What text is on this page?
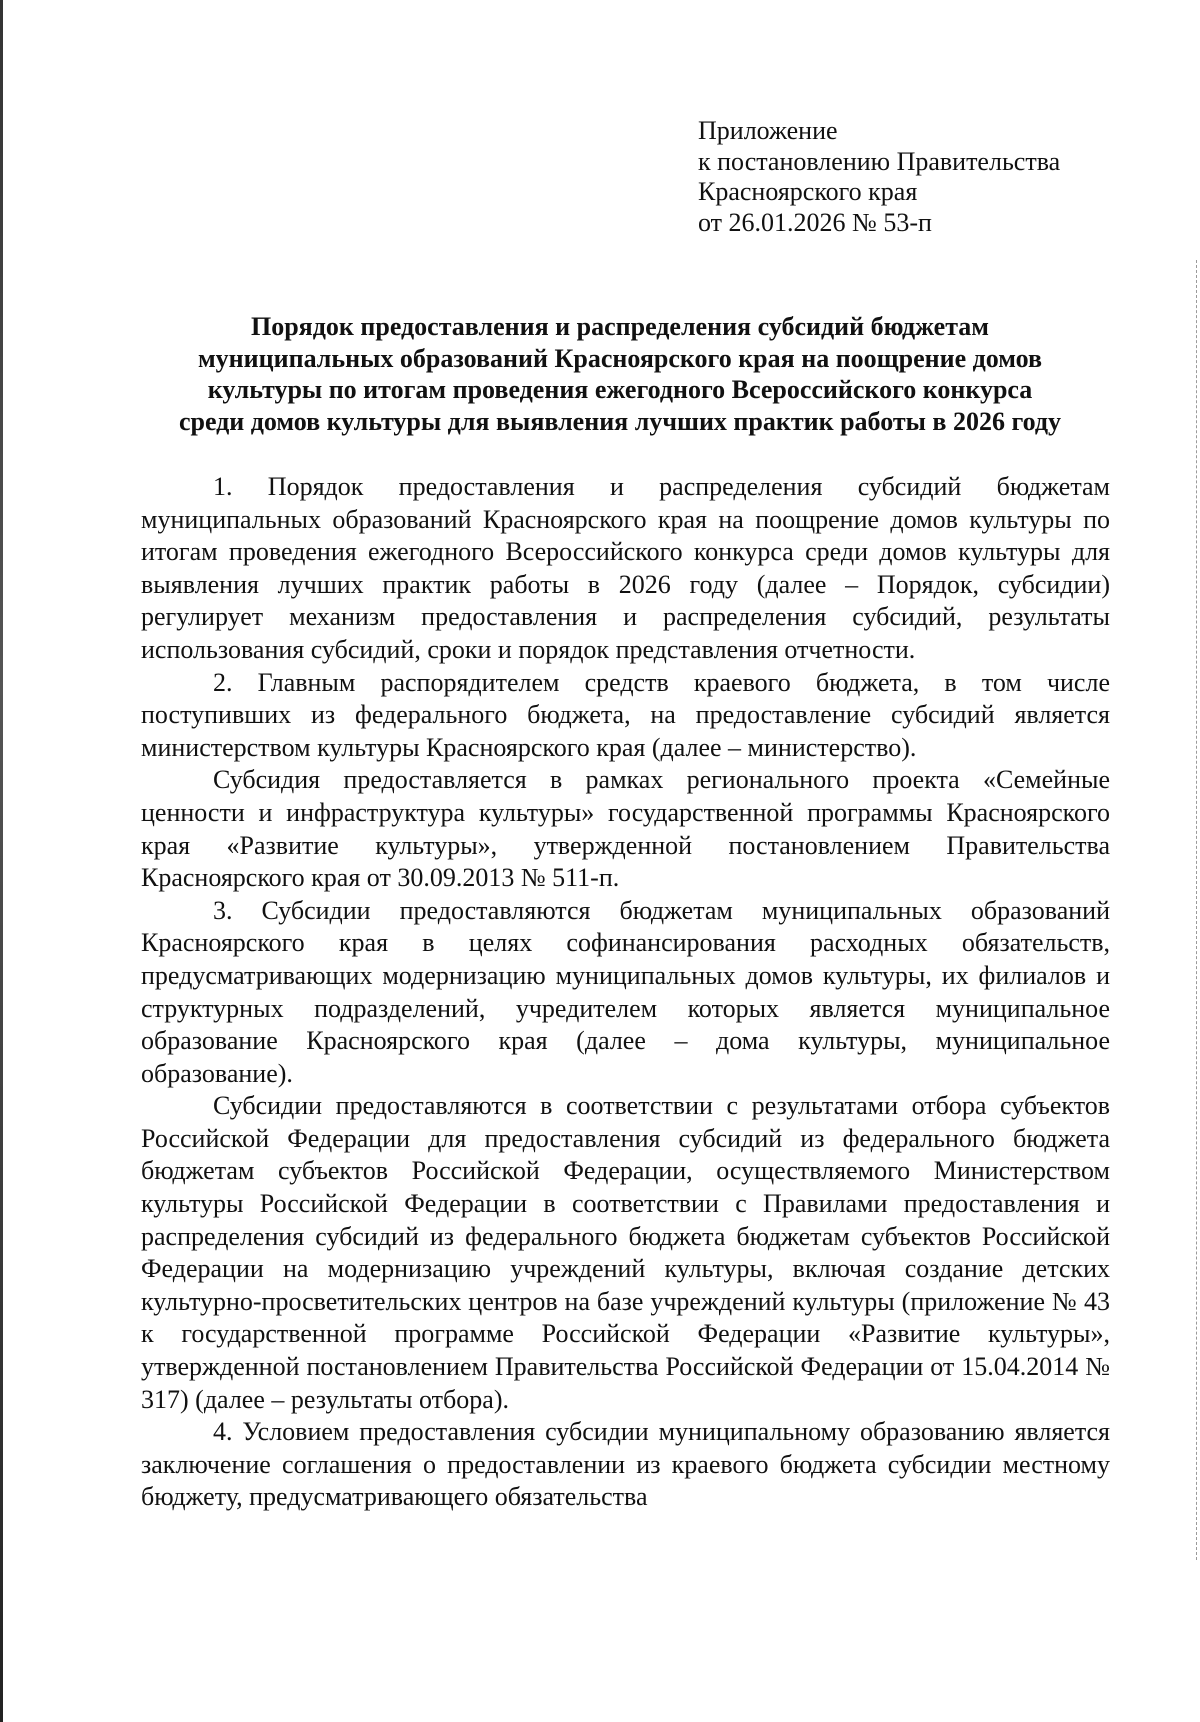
Приложение
к постановлению Правительства
Красноярского края
от 26.01.2026 № 53-п
Порядок предоставления и распределения субсидий бюджетам
муниципальных образований Красноярского края на поощрение домов
культуры по итогам проведения ежегодного Всероссийского конкурса
среди домов культуры для выявления лучших практик работы в 2026 году

1. Порядок предоставления и распределения субсидий бюджетам муниципальных образований Красноярского края на поощрение домов культуры по итогам проведения ежегодного Всероссийского конкурса среди домов культуры для выявления лучших практик работы в 2026 году (далее – Порядок, субсидии) регулирует механизм предоставления и распределения субсидий, результаты использования субсидий, сроки и порядок представления отчетности.

2. Главным распорядителем средств краевого бюджета, в том числе поступивших из федерального бюджета, на предоставление субсидий является министерством культуры Красноярского края (далее – министерство).

Субсидия предоставляется в рамках регионального проекта «Семейные ценности и инфраструктура культуры» государственной программы Красноярского края «Развитие культуры», утвержденной постановлением Правительства Красноярского края от 30.09.2013 № 511-п.

3. Субсидии предоставляются бюджетам муниципальных образований Красноярского края в целях софинансирования расходных обязательств, предусматривающих модернизацию муниципальных домов культуры, их филиалов и структурных подразделений, учредителем которых является муниципальное образование Красноярского края (далее – дома культуры, муниципальное образование).

Субсидии предоставляются в соответствии с результатами отбора субъектов Российской Федерации для предоставления субсидий из федерального бюджета бюджетам субъектов Российской Федерации, осуществляемого Министерством культуры Российской Федерации в соответствии с Правилами предоставления и распределения субсидий из федерального бюджета бюджетам субъектов Российской Федерации на модернизацию учреждений культуры, включая создание детских культурно-просветительских центров на базе учреждений культуры (приложение № 43 к государственной программе Российской Федерации «Развитие культуры», утвержденной постановлением Правительства Российской Федерации от 15.04.2014 № 317) (далее – результаты отбора).

4. Условием предоставления субсидии муниципальному образованию является заключение соглашения о предоставлении из краевого бюджета субсидии местному бюджету, предусматривающего обязательства
